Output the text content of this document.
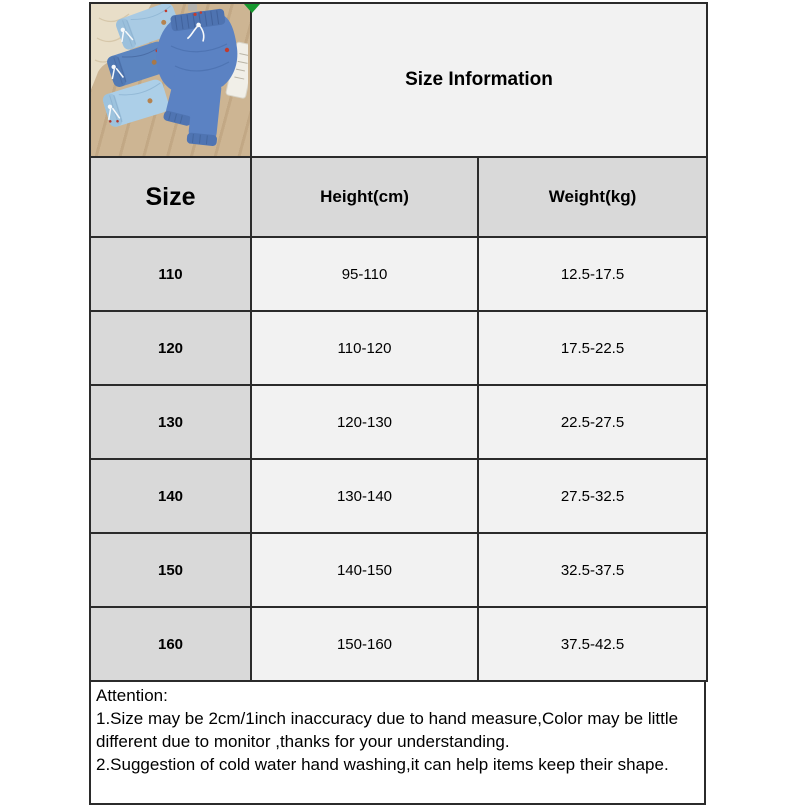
Size Information	
Size	Height(cm)	Weight(kg)
110	95-110	12.5-17.5
120	110-120	17.5-22.5
130	120-130	22.5-27.5
140	130-140	27.5-32.5
150	140-150	32.5-37.5
160	150-160	37.5-42.5
Attention:
1.Size may be 2cm/1inch inaccuracy due to hand measure,Color may be little different due to monitor ,thanks for your understanding.
2.Suggestion of cold water hand washing,it can help items keep their shape.
